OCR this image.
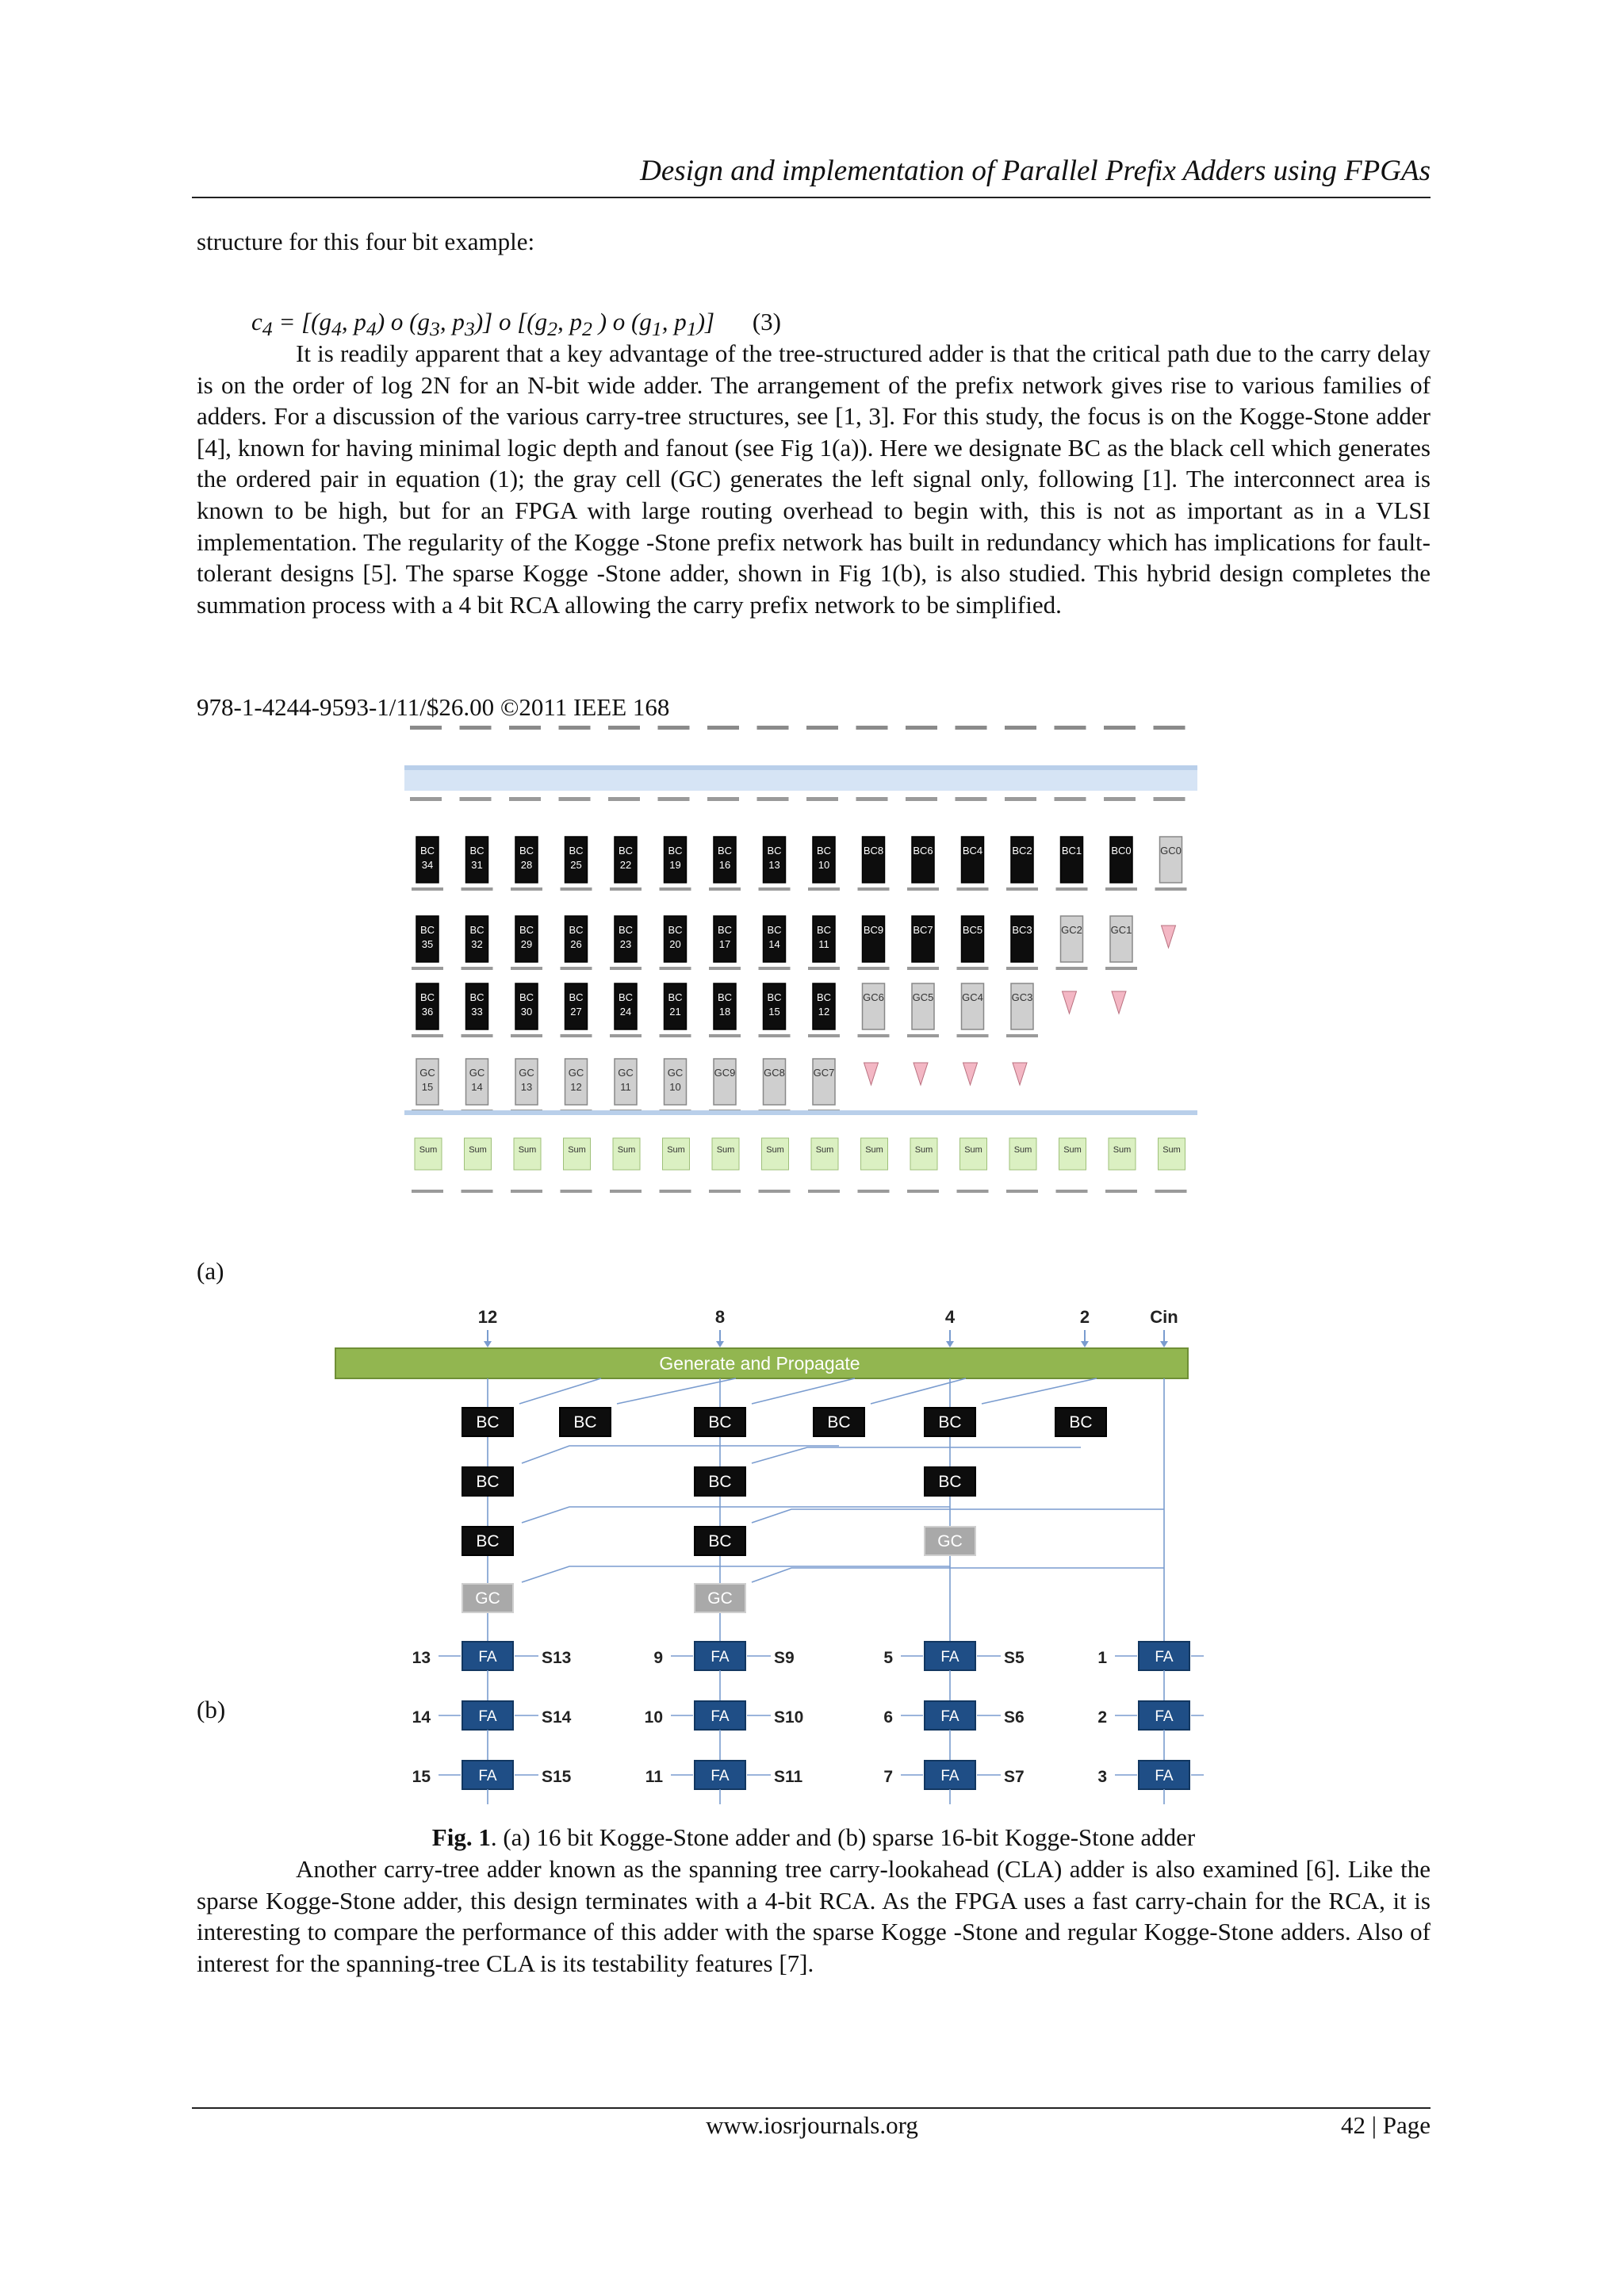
Design and implementation of Parallel Prefix Adders using FPGAs
structure for this four bit example:
$c_4 = [(g_4$, $p_4$) o ($g_3$, $p_3$)] o [($g_2$, $p_2$ ) o ($g_1$, $p_1$)] (3)
It is readily apparent that a key advantage of the tree-structured adder is that the critical path due to the carry delay is on the order of log 2N for an N-bit wide adder. The arrangement of the prefix network gives rise to various families of adders. For a discussion of the various carry-tree structures, see [1, 3]. For this study, the focus is on the Kogge-Stone adder [4], known for having minimal logic depth and fanout (see Fig 1(a)). Here we designate BC as the black cell which generates the ordered pair in equation (1); the gray cell (GC) generates the left signal only, following [1]. The interconnect area is known to be high, but for an FPGA with large routing overhead to begin with, this is not as important as in a VLSI implementation. The regularity of the Kogge -Stone prefix network has built in redundancy which has implications for fault-tolerant designs [5]. The sparse Kogge -Stone adder, shown in Fig 1(b), is also studied. This hybrid design completes the summation process with a 4 bit RCA allowing the carry prefix network to be simplified.
978-1-4244-9593-1/11/$26.00 ©2011 IEEE 168
BC
34
BC
31
BC
28
BC
25
BC
22
BC
19
BC
16
BC
13
BC
10
BC8	BC6	BC4	BC2	BC1	BC0	GC0
BC
35
BC
32
BC
29
BC
26
BC
23
BC
20
BC
17
BC
14
BC
11
BC9	BC7	BC5	BC3	GC2	GC1
BC
36
BC
33
BC
30
BC
27
BC
24
BC
21
BC
18
BC
15
BC
12
GC6	GC5	GC4	GC3
GC
15
GC
14
GC
13
GC
12
GC
11
GC
10
GC9	GC8	GC7
Sum	Sum	Sum	Sum	Sum	Sum	Sum	Sum	Sum	Sum	Sum	Sum	Sum	Sum	Sum	Sum
(a)
12	8	4	2	Cin
Generate and Propagate
BC	BC	BC	BC	BC	BC
BC	BC	BC
BC	BC	GC
GC	GC
FA
13	S13
FA
14	S14
FA
15	S15
FA
9	S9
FA
10	S10
FA
11	S11
FA
5	S5
FA
6	S6
FA
7	S7
FA
1
FA
2
FA
3
(b)
Fig. 1. (a) 16 bit Kogge-Stone adder and (b) sparse 16-bit Kogge-Stone adder
Another carry-tree adder known as the spanning tree carry-lookahead (CLA) adder is also examined [6]. Like the sparse Kogge-Stone adder, this design terminates with a 4-bit RCA. As the FPGA uses a fast carry-chain for the RCA, it is interesting to compare the performance of this adder with the sparse Kogge -Stone and regular Kogge-Stone adders. Also of interest for the spanning-tree CLA is its testability features [7].
www.iosrjournals.org	42 | Page
